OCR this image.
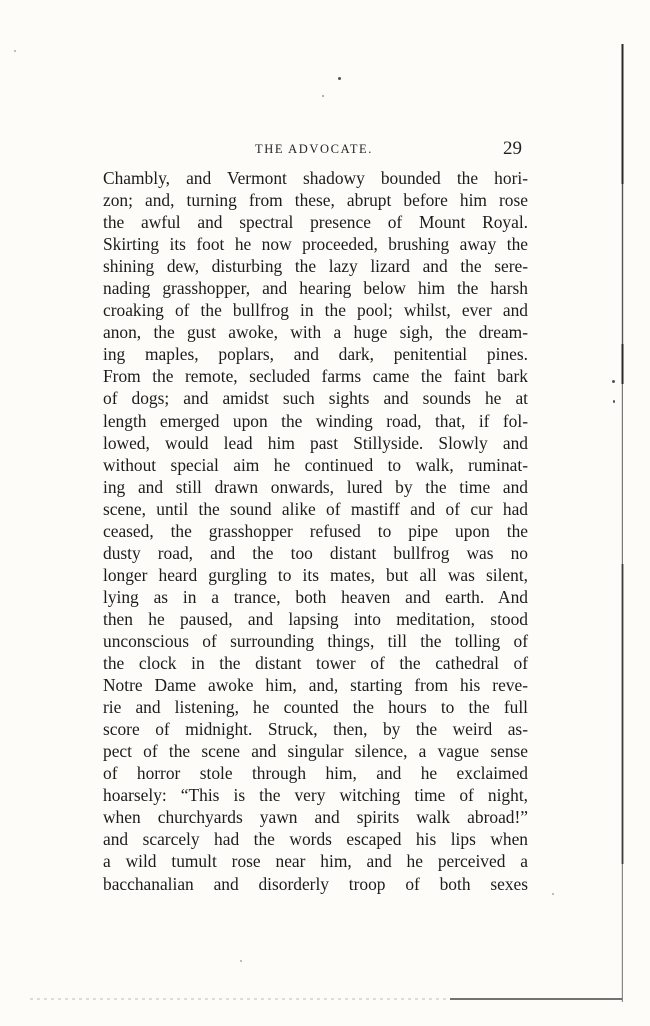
THE ADVOCATE.	29
Chambly, and Vermont shadowy bounded the hori-
zon; and, turning from these, abrupt before him rose
the awful and spectral presence of Mount Royal.
Skirting its foot he now proceeded, brushing away the
shining dew, disturbing the lazy lizard and the sere-
nading grasshopper, and hearing below him the harsh
croaking of the bullfrog in the pool; whilst, ever and
anon, the gust awoke, with a huge sigh, the dream-
ing maples, poplars, and dark, penitential pines.
From the remote, secluded farms came the faint bark
of dogs; and amidst such sights and sounds he at
length emerged upon the winding road, that, if fol-
lowed, would lead him past Stillyside. Slowly and
without special aim he continued to walk, ruminat-
ing and still drawn onwards, lured by the time and
scene, until the sound alike of mastiff and of cur had
ceased, the grasshopper refused to pipe upon the
dusty road, and the too distant bullfrog was no
longer heard gurgling to its mates, but all was silent,
lying as in a trance, both heaven and earth. And
then he paused, and lapsing into meditation, stood
unconscious of surrounding things, till the tolling of
the clock in the distant tower of the cathedral of
Notre Dame awoke him, and, starting from his reve-
rie and listening, he counted the hours to the full
score of midnight. Struck, then, by the weird as-
pect of the scene and singular silence, a vague sense
of horror stole through him, and he exclaimed
hoarsely: “This is the very witching time of night,
when churchyards yawn and spirits walk abroad!”
and scarcely had the words escaped his lips when
a wild tumult rose near him, and he perceived a
bacchanalian and disorderly troop of both sexes
